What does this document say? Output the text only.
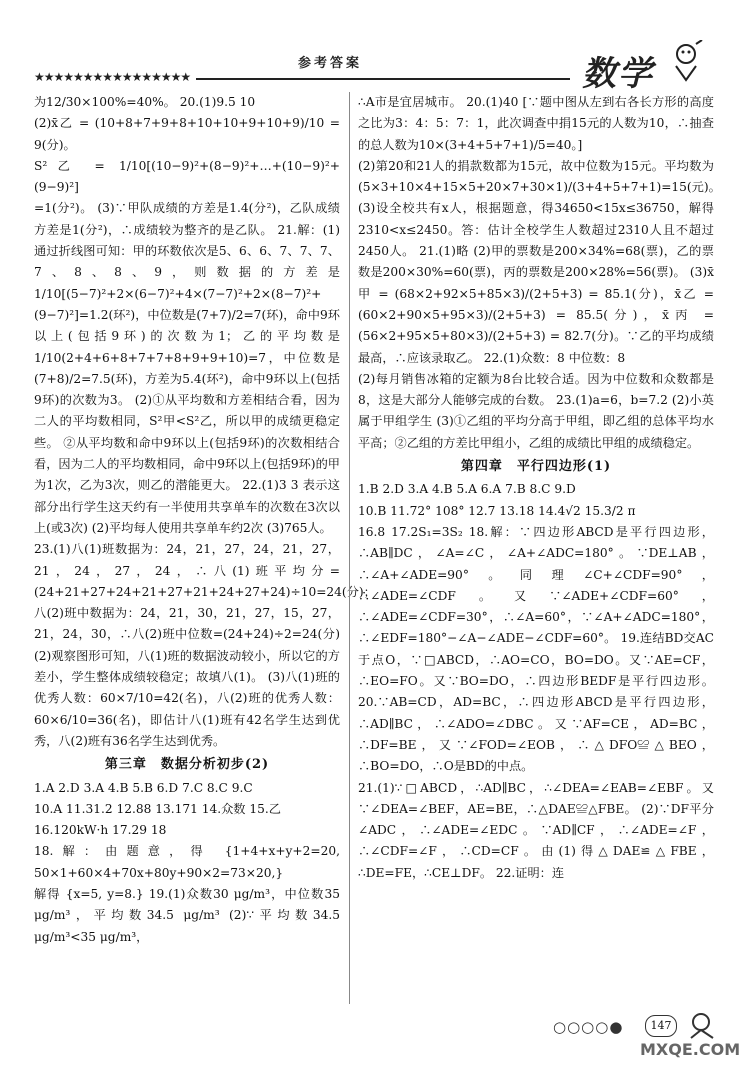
★★★★★★★★★★★★★★★★
参考答案	数学

为12/30×100%=40%。 20.(1)9.5 10

(2)x̄乙 = (10+8+7+9+8+10+10+9+10+9)/10 = 9(分)。

S²乙 = 1/10[(10−9)²+(8−9)²+…+(10−9)²+(9−9)²]

=1(分²)。 (3)∵甲队成绩的方差是1.4(分²)，乙队成绩方差是1(分²)，∴成绩较为整齐的是乙队。 21.解：(1)通过折线图可知：甲的环数依次是5、6、6、7、7、7、7、8、8、9，则数据的方差是1/10[(5−7)²+2×(6−7)²+4×(7−7)²+2×(8−7)²+(9−7)²]=1.2(环²)，中位数是(7+7)/2=7(环)，命中9环以上(包括9环)的次数为1；乙的平均数是1/10(2+4+6+8+7+7+8+9+9+10)=7，中位数是(7+8)/2=7.5(环)，方差为5.4(环²)，命中9环以上(包括9环)的次数为3。 (2)①从平均数和方差相结合看，因为二人的平均数相同，S²甲<S²乙，所以甲的成绩更稳定些。 ②从平均数和命中9环以上(包括9环)的次数相结合看，因为二人的平均数相同，命中9环以上(包括9环)的甲为1次，乙为3次，则乙的潜能更大。 22.(1)3 3 表示这部分出行学生这天约有一半使用共享单车的次数在3次以上(或3次) (2)平均每人使用共享单车约2次 (3)765人。

23.(1)八(1)班数据为：24，21，27，24，21，27，21，24，27，24，∴八(1)班平均分=(24+21+27+24+21+27+21+24+27+24)÷10=24(分)；八(2)班中数据为：24，21，30，21，27，15，27，21，24，30，∴八(2)班中位数=(24+24)÷2=24(分) (2)观察图形可知，八(1)班的数据波动较小，所以它的方差小，学生整体成绩较稳定；故填八(1)。 (3)八(1)班的优秀人数：60×7/10=42(名)，八(2)班的优秀人数：60×6/10=36(名)，即估计八(1)班有42名学生达到优秀，八(2)班有36名学生达到优秀。

第三章　数据分析初步(2)

1.A 2.D 3.A 4.B 5.B 6.D 7.C 8.C 9.C

10.A 11.31.2 12.88 13.171 14.众数 15.乙

16.120kW·h 17.29 18

18.解：由题意，得 {1+4+x+y+2=20, 50×1+60×4+70x+80y+90×2=73×20,}

解得 {x=5, y=8.} 19.(1)众数30 μg/m³，中位数35 μg/m³，平均数34.5 μg/m³ (2)∵平均数34.5 μg/m³<35 μg/m³，

∴A市是宜居城市。 20.(1)40 [∵题中图从左到右各长方形的高度之比为3：4：5：7：1，此次调查中捐15元的人数为10，∴抽查的总人数为10×(3+4+5+7+1)/5=40。]

(2)第20和21人的捐款数都为15元，故中位数为15元。平均数为(5×3+10×4+15×5+20×7+30×1)/(3+4+5+7+1)=15(元)。

(3)设全校共有x人，根据题意，得34650<15x≤36750，解得2310<x≤2450。答：估计全校学生人数超过2310人且不超过2450人。 21.(1)略 (2)甲的票数是200×34%=68(票)，乙的票数是200×30%=60(票)，丙的票数是200×28%=56(票)。 (3)x̄甲 = (68×2+92×5+85×3)/(2+5+3) = 85.1(分)，x̄乙 = (60×2+90×5+95×3)/(2+5+3) = 85.5(分)，x̄丙 = (56×2+95×5+80×3)/(2+5+3) = 82.7(分)。∵乙的平均成绩最高，∴应该录取乙。 22.(1)众数：8 中位数：8

(2)每月销售冰箱的定额为8台比较合适。因为中位数和众数都是8，这是大部分人能够完成的台数。 23.(1)a=6，b=7.2 (2)小英属于甲组学生 (3)①乙组的平均分高于甲组，即乙组的总体平均水平高；②乙组的方差比甲组小，乙组的成绩比甲组的成绩稳定。

第四章　平行四边形(1)

1.B 2.D 3.A 4.B 5.A 6.A 7.B 8.C 9.D

10.B 11.72° 108° 12.7 13.18 14.4√2 15.3/2 π

16.8 17.2S₁=3S₂ 18.解：∵四边形ABCD是平行四边形，∴AB∥DC，∠A=∠C，∠A+∠ADC=180°。∵DE⊥AB，∴∠A+∠ADE=90°。同理∠C+∠CDF=90°，∴∠ADE=∠CDF。又∵∠ADE+∠CDF=60°，∴∠ADE=∠CDF=30°，∴∠A=60°，∵∠A+∠ADC=180°，∴∠EDF=180°−∠A−∠ADE−∠CDF=60°。 19.连结BD交AC于点O，∵□ABCD，∴AO=CO，BO=DO。又∵AE=CF，∴EO=FO。又∵BO=DO，∴四边形BEDF是平行四边形。 20.∵AB=CD，AD=BC，∴四边形ABCD是平行四边形，∴AD∥BC，∴∠ADO=∠DBC。又∵AF=CE，AD=BC，∴DF=BE，又∵∠FOD=∠EOB，∴△DFO≌△BEO，∴BO=DO，∴O是BD的中点。

21.(1)∵□ABCD，∴AD∥BC，∴∠DEA=∠EAB=∠EBF。又∵∠DEA=∠BEF，AE=BE，∴△DAE≌△FBE。 (2)∵DF平分∠ADC，∴∠ADE=∠EDC。∵AD∥CF，∴∠ADE=∠F，∴∠CDF=∠F，∴CD=CF。由(1)得△DAE≌△FBE，∴DE=FE，∴CE⊥DF。 22.证明：连

○○○○●	147
MXQE.COM
